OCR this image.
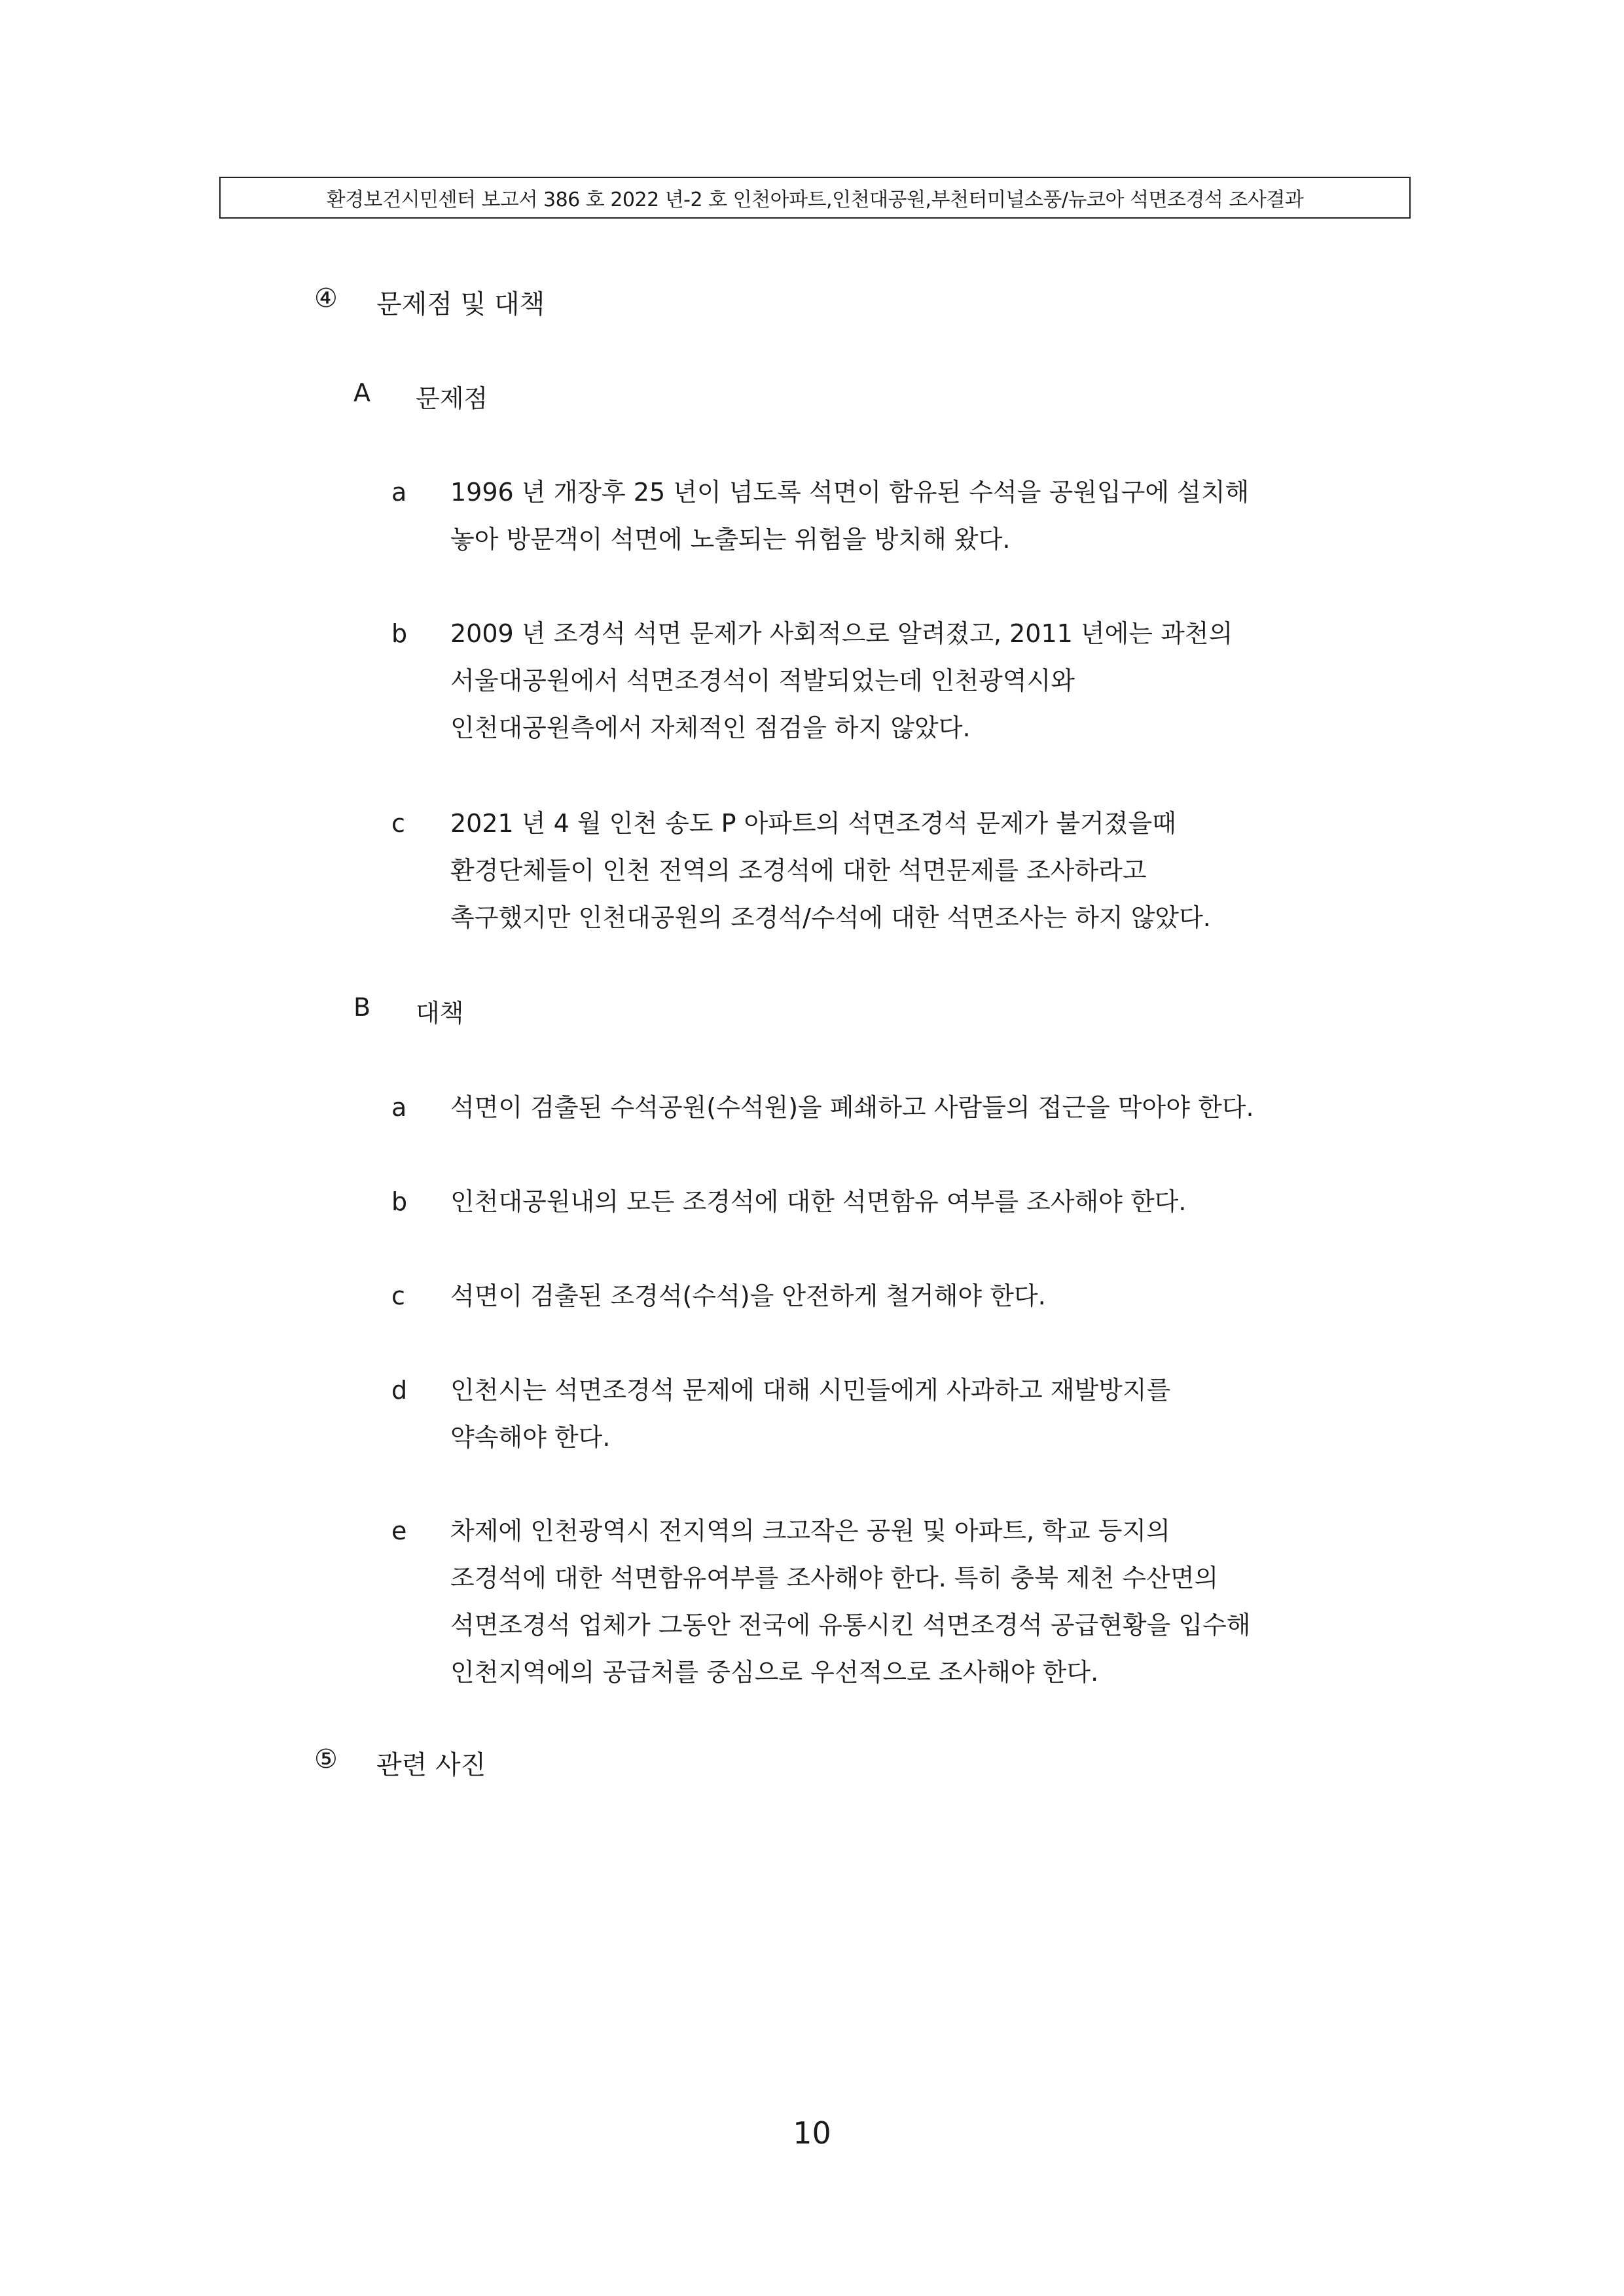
환경보건시민센터 보고서 386 호 2022 년-2 호 인천아파트,인천대공원,부천터미널소풍/뉴코아 석면조경석 조사결과
④ 문제점 및 대책
A 문제점
a	1996 년 개장후 25 년이 넘도록 석면이 함유된 수석을 공원입구에 설치해
놓아 방문객이 석면에 노출되는 위험을 방치해 왔다.
b	2009 년 조경석 석면 문제가 사회적으로 알려졌고, 2011 년에는 과천의
서울대공원에서 석면조경석이 적발되었는데 인천광역시와
인천대공원측에서 자체적인 점검을 하지 않았다.
c	2021 년 4 월 인천 송도 P 아파트의 석면조경석 문제가 불거졌을때
환경단체들이 인천 전역의 조경석에 대한 석면문제를 조사하라고
촉구했지만 인천대공원의 조경석/수석에 대한 석면조사는 하지 않았다.
B 대책
a	석면이 검출된 수석공원(수석원)을 폐쇄하고 사람들의 접근을 막아야 한다.
b	인천대공원내의 모든 조경석에 대한 석면함유 여부를 조사해야 한다.
c	석면이 검출된 조경석(수석)을 안전하게 철거해야 한다.
d	인천시는 석면조경석 문제에 대해 시민들에게 사과하고 재발방지를
약속해야 한다.
e	차제에 인천광역시 전지역의 크고작은 공원 및 아파트, 학교 등지의
조경석에 대한 석면함유여부를 조사해야 한다. 특히 충북 제천 수산면의
석면조경석 업체가 그동안 전국에 유통시킨 석면조경석 공급현황을 입수해
인천지역에의 공급처를 중심으로 우선적으로 조사해야 한다.
⑤ 관련 사진
10
